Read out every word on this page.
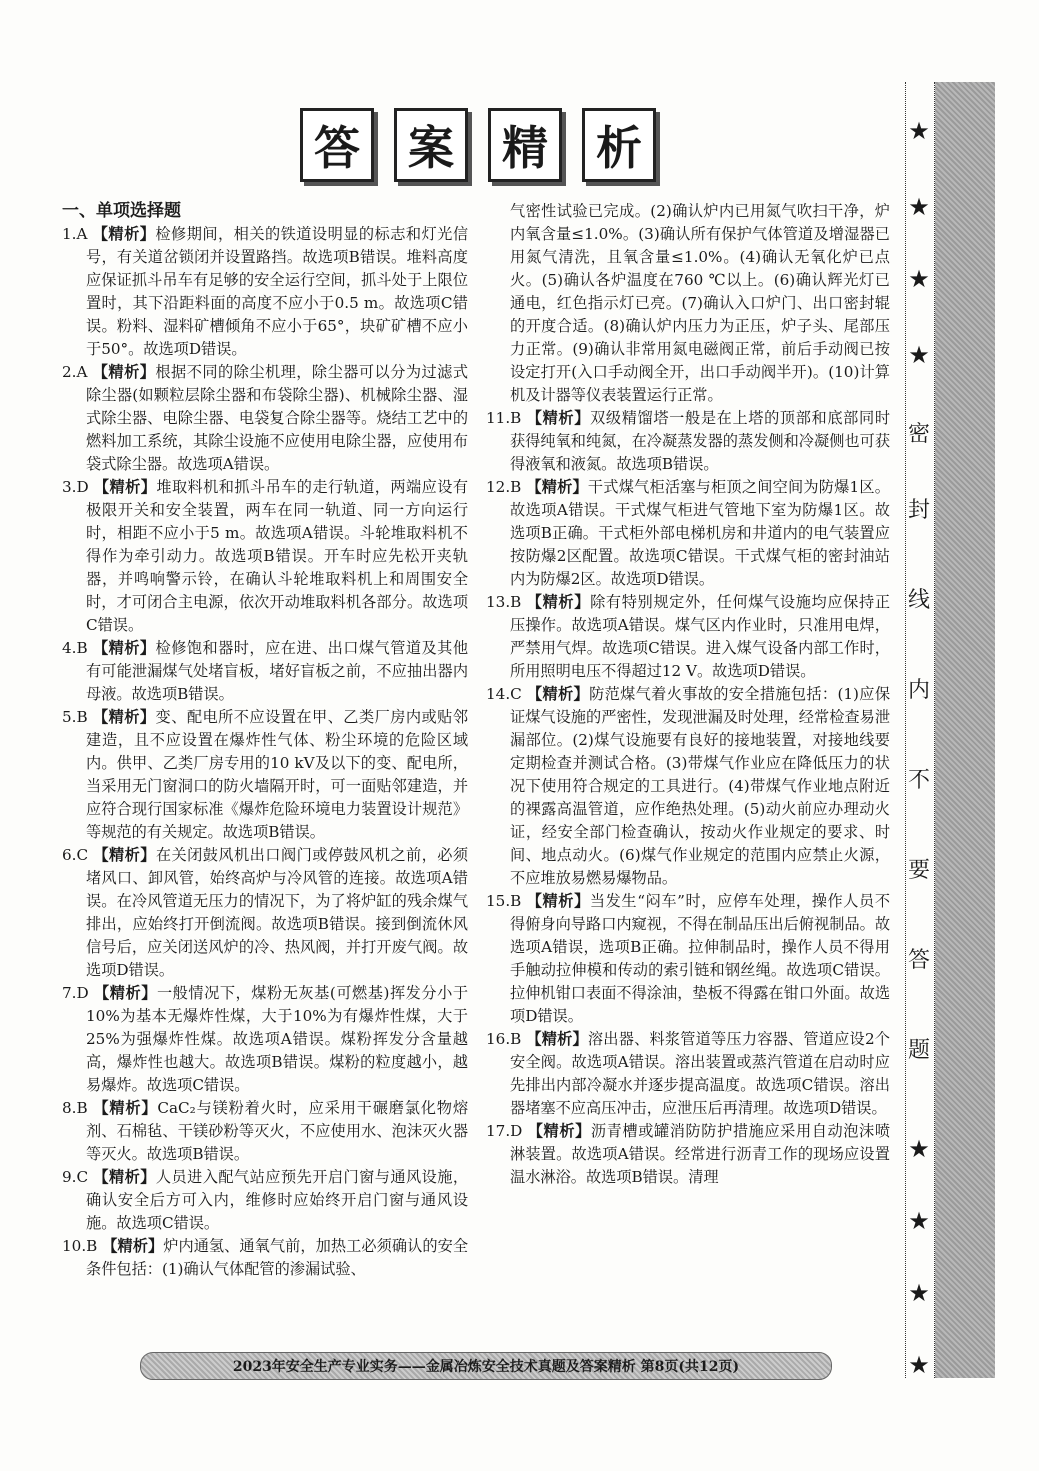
答	案	精	析
一、单项选择题

1.A 【精析】检修期间，相关的铁道设明显的标志和灯光信号，有关道岔锁闭并设置路挡。故选项B错误。堆料高度应保证抓斗吊车有足够的安全运行空间，抓斗处于上限位置时，其下沿距料面的高度不应小于0.5 m。故选项C错误。粉料、湿料矿槽倾角不应小于65°，块矿矿槽不应小于50°。故选项D错误。

2.A 【精析】根据不同的除尘机理，除尘器可以分为过滤式除尘器(如颗粒层除尘器和布袋除尘器)、机械除尘器、湿式除尘器、电除尘器、电袋复合除尘器等。烧结工艺中的燃料加工系统，其除尘设施不应使用电除尘器，应使用布袋式除尘器。故选项A错误。

3.D 【精析】堆取料机和抓斗吊车的走行轨道，两端应设有极限开关和安全装置，两车在同一轨道、同一方向运行时，相距不应小于5 m。故选项A错误。斗轮堆取料机不得作为牵引动力。故选项B错误。开车时应先松开夹轨器，并鸣响警示铃，在确认斗轮堆取料机上和周围安全时，才可闭合主电源，依次开动堆取料机各部分。故选项C错误。

4.B 【精析】检修饱和器时，应在进、出口煤气管道及其他有可能泄漏煤气处堵盲板，堵好盲板之前，不应抽出器内母液。故选项B错误。

5.B 【精析】变、配电所不应设置在甲、乙类厂房内或贴邻建造，且不应设置在爆炸性气体、粉尘环境的危险区域内。供甲、乙类厂房专用的10 kV及以下的变、配电所，当采用无门窗洞口的防火墙隔开时，可一面贴邻建造，并应符合现行国家标准《爆炸危险环境电力装置设计规范》等规范的有关规定。故选项B错误。

6.C 【精析】在关闭鼓风机出口阀门或停鼓风机之前，必须堵风口、卸风管，始终高炉与冷风管的连接。故选项A错误。在冷风管道无压力的情况下，为了将炉缸的残余煤气排出，应始终打开倒流阀。故选项B错误。接到倒流休风信号后，应关闭送风炉的冷、热风阀，并打开废气阀。故选项D错误。

7.D 【精析】一般情况下，煤粉无灰基(可燃基)挥发分小于10%为基本无爆炸性煤，大于10%为有爆炸性煤，大于25%为强爆炸性煤。故选项A错误。煤粉挥发分含量越高，爆炸性也越大。故选项B错误。煤粉的粒度越小，越易爆炸。故选项C错误。

8.B 【精析】CaC₂与镁粉着火时，应采用干碾磨氯化物熔剂、石棉毡、干镁砂粉等灭火，不应使用水、泡沫灭火器等灭火。故选项B错误。

9.C 【精析】人员进入配气站应预先开启门窗与通风设施，确认安全后方可入内，维修时应始终开启门窗与通风设施。故选项C错误。

10.B 【精析】炉内通氢、通氧气前，加热工必须确认的安全条件包括：(1)确认气体配管的渗漏试验、

气密性试验已完成。(2)确认炉内已用氮气吹扫干净，炉内氧含量≤1.0%。(3)确认所有保护气体管道及增湿器已用氮气清洗，且氧含量≤1.0%。(4)确认无氧化炉已点火。(5)确认各炉温度在760 ℃以上。(6)确认辉光灯已通电，红色指示灯已亮。(7)确认入口炉门、出口密封辊的开度合适。(8)确认炉内压力为正压，炉子头、尾部压力正常。(9)确认非常用氮电磁阀正常，前后手动阀已按设定打开(入口手动阀全开，出口手动阀半开)。(10)计算机及计器等仪表装置运行正常。

11.B 【精析】双级精馏塔一般是在上塔的顶部和底部同时获得纯氧和纯氮，在冷凝蒸发器的蒸发侧和冷凝侧也可获得液氧和液氮。故选项B错误。

12.B 【精析】干式煤气柜活塞与柜顶之间空间为防爆1区。故选项A错误。干式煤气柜进气管地下室为防爆1区。故选项B正确。干式柜外部电梯机房和井道内的电气装置应按防爆2区配置。故选项C错误。干式煤气柜的密封油站内为防爆2区。故选项D错误。

13.B 【精析】除有特别规定外，任何煤气设施均应保持正压操作。故选项A错误。煤气区内作业时，只准用电焊，严禁用气焊。故选项C错误。进入煤气设备内部工作时，所用照明电压不得超过12 V。故选项D错误。

14.C 【精析】防范煤气着火事故的安全措施包括：(1)应保证煤气设施的严密性，发现泄漏及时处理，经常检查易泄漏部位。(2)煤气设施要有良好的接地装置，对接地线要定期检查并测试合格。(3)带煤气作业应在降低压力的状况下使用符合规定的工具进行。(4)带煤气作业地点附近的裸露高温管道，应作绝热处理。(5)动火前应办理动火证，经安全部门检查确认，按动火作业规定的要求、时间、地点动火。(6)煤气作业规定的范围内应禁止火源，不应堆放易燃易爆物品。

15.B 【精析】当发生“闷车”时，应停车处理，操作人员不得俯身向导路口内窥视，不得在制品压出后俯视制品。故选项A错误，选项B正确。拉伸制品时，操作人员不得用手触动拉伸模和传动的索引链和钢丝绳。故选项C错误。拉伸机钳口表面不得涂油，垫板不得露在钳口外面。故选项D错误。

16.B 【精析】溶出器、料浆管道等压力容器、管道应设2个安全阀。故选项A错误。溶出装置或蒸汽管道在启动时应先排出内部冷凝水并逐步提高温度。故选项C错误。溶出器堵塞不应高压冲击，应泄压后再清理。故选项D错误。

17.D 【精析】沥青槽或罐消防防护措施应采用自动泡沫喷淋装置。故选项A错误。经常进行沥青工作的现场应设置温水淋浴。故选项B错误。清理

★
★
★
★
密
封
线
内
不
要
答
题
★
★
★
★
2023年安全生产专业实务——金属冶炼安全技术真题及答案精析 第8页(共12页)
